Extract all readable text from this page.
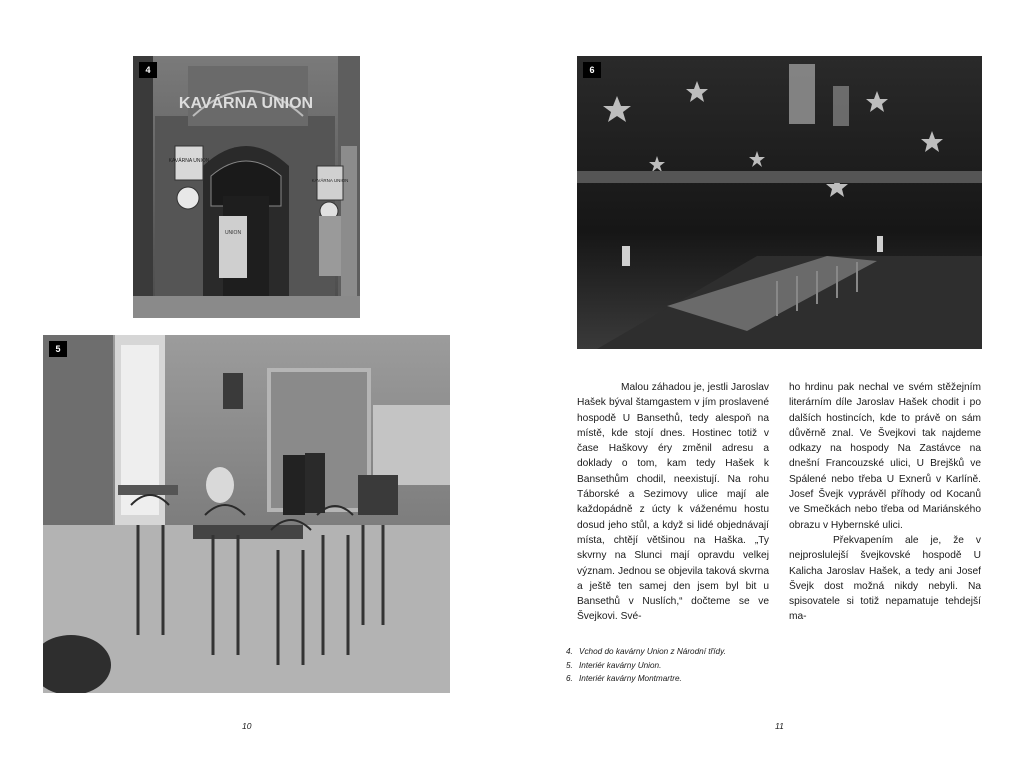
KAVÁRNA UNION
KAVÁRNA UNION
KAVÁRNA UNION
UNION
4
5
6

Malou záhadou je, jestli Jaroslav Hašek býval štamgastem v jím proslavené hospodě U Bansethů, tedy alespoň na místě, kde stojí dnes. Hostinec totiž v čase Haškovy éry změnil adresu a doklady o tom, kam tedy Hašek k Bansethům chodil, neexistují. Na rohu Táborské a Sezimovy ulice mají ale každopádně z úcty k váženému hostu dosud jeho stůl, a když si lidé objednávají místa, chtějí většinou na Haška. „Ty skvrny na Slunci mají opravdu velkej význam. Jednou se objevila taková skvrna a ještě ten samej den jsem byl bit u Bansethů v Nuslích,“ dočteme se ve Švejkovi. Své-

ho hrdinu pak nechal ve svém stěžejním literárním díle Jaroslav Hašek chodit i po dalších hostincích, kde to právě on sám důvěrně znal. Ve Švejkovi tak najdeme odkazy na hospody Na Zastávce na dnešní Francouzské ulici, U Brejšků ve Spálené nebo třeba U Exnerů v Karlíně. Josef Švejk vyprávěl příhody od Kocanů ve Smečkách nebo třeba od Mariánského obrazu v Hybernské ulici.

Překvapením ale je, že v nejproslulejší švejkovské hospodě U Kalicha Jaroslav Hašek, a tedy ani Josef Švejk dost možná nikdy nebyli. Na spisovatele si totiž nepamatuje tehdejší ma-

4. Vchod do kavárny Union z Národní třídy.
5. Interiér kavárny Union.
6. Interiér kavárny Montmartre.
10	11
